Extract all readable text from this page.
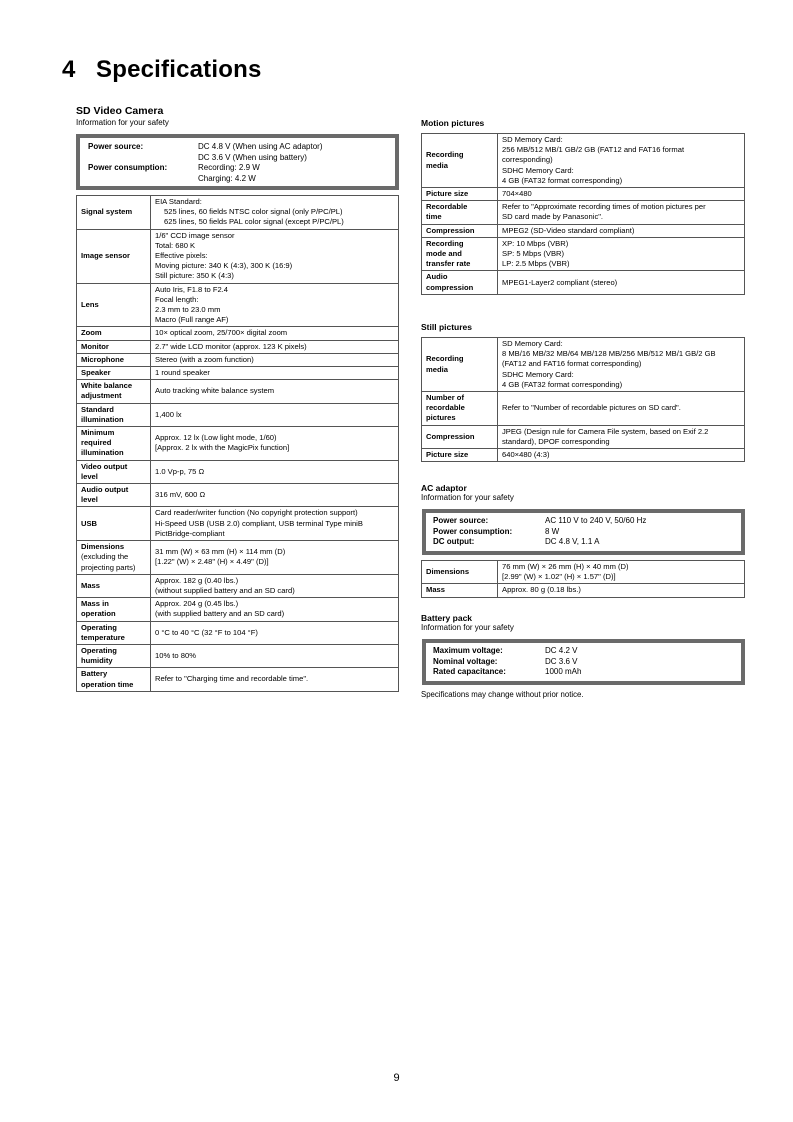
4 Specifications

SD Video Camera

Information for your safety

Power source:	DC 4.8 V (When using AC adaptor)
DC 3.6 V (When using battery)
Power consumption:	Recording: 2.9 W
Charging: 4.2 W
Signal system	EIA Standard:
525 lines, 60 fields NTSC color signal (only P/PC/PL)
625 lines, 50 fields PAL color signal (except P/PC/PL)

Image sensor	1/6" CCD image sensor
Total: 680 K
Effective pixels:
Moving picture: 340 K (4:3), 300 K (16:9)
Still picture: 350 K (4:3)
Lens	Auto Iris, F1.8 to F2.4
Focal length:
2.3 mm to 23.0 mm
Macro (Full range AF)
Zoom	10× optical zoom, 25/700× digital zoom
Monitor	2.7" wide LCD monitor (approx. 123 K pixels)
Microphone	Stereo (with a zoom function)
Speaker	1 round speaker
White balance
adjustment	Auto tracking white balance system
Standard
illumination	1,400 lx
Minimum
required
illumination	Approx. 12 lx (Low light mode, 1/60)
[Approx. 2 lx with the MagicPix function]
Video output
level	1.0 Vp-p, 75 Ω
Audio output
level	316 mV, 600 Ω
USB	Card reader/writer function (No copyright protection support)
Hi-Speed USB (USB 2.0) compliant, USB terminal Type miniB
PictBridge-compliant
Dimensions
(excluding the
projecting parts)	31 mm (W) × 63 mm (H) × 114 mm (D)
[1.22" (W) × 2.48" (H) × 4.49" (D)]
Mass	Approx. 182 g (0.40 lbs.)
(without supplied battery and an SD card)
Mass in
operation	Approx. 204 g (0.45 lbs.)
(with supplied battery and an SD card)
Operating
temperature	0 °C to 40 °C (32 °F to 104 °F)
Operating
humidity	10% to 80%
Battery
operation time	Refer to "Charging time and recordable time".

Motion pictures

Recording
media	SD Memory Card:
256 MB/512 MB/1 GB/2 GB (FAT12 and FAT16 format
corresponding)
SDHC Memory Card:
4 GB (FAT32 format corresponding)
Picture size	704×480
Recordable
time	Refer to "Approximate recording times of motion pictures per
SD card made by Panasonic".
Compression	MPEG2 (SD-Video standard compliant)
Recording
mode and
transfer rate	XP: 10 Mbps (VBR)
SP: 5 Mbps (VBR)
LP: 2.5 Mbps (VBR)
Audio
compression	MPEG1-Layer2 compliant (stereo)

Still pictures

Recording
media	SD Memory Card:
8 MB/16 MB/32 MB/64 MB/128 MB/256 MB/512 MB/1 GB/2 GB
(FAT12 and FAT16 format corresponding)
SDHC Memory Card:
4 GB (FAT32 format corresponding)
Number of
recordable
pictures	Refer to "Number of recordable pictures on SD card".
Compression	JPEG (Design rule for Camera File system, based on Exif 2.2
standard), DPOF corresponding
Picture size	640×480 (4:3)

AC adaptor

Information for your safety

Power source:	AC 110 V to 240 V, 50/60 Hz
Power consumption:	8 W
DC output:	DC 4.8 V, 1.1 A
Dimensions	76 mm (W) × 26 mm (H) × 40 mm (D)
[2.99" (W) × 1.02" (H) × 1.57" (D)]
Mass	Approx. 80 g (0.18 lbs.)

Battery pack

Information for your safety

Maximum voltage:	DC 4.2 V
Nominal voltage:	DC 3.6 V
Rated capacitance:	1000 mAh

Specifications may change without prior notice.

9
